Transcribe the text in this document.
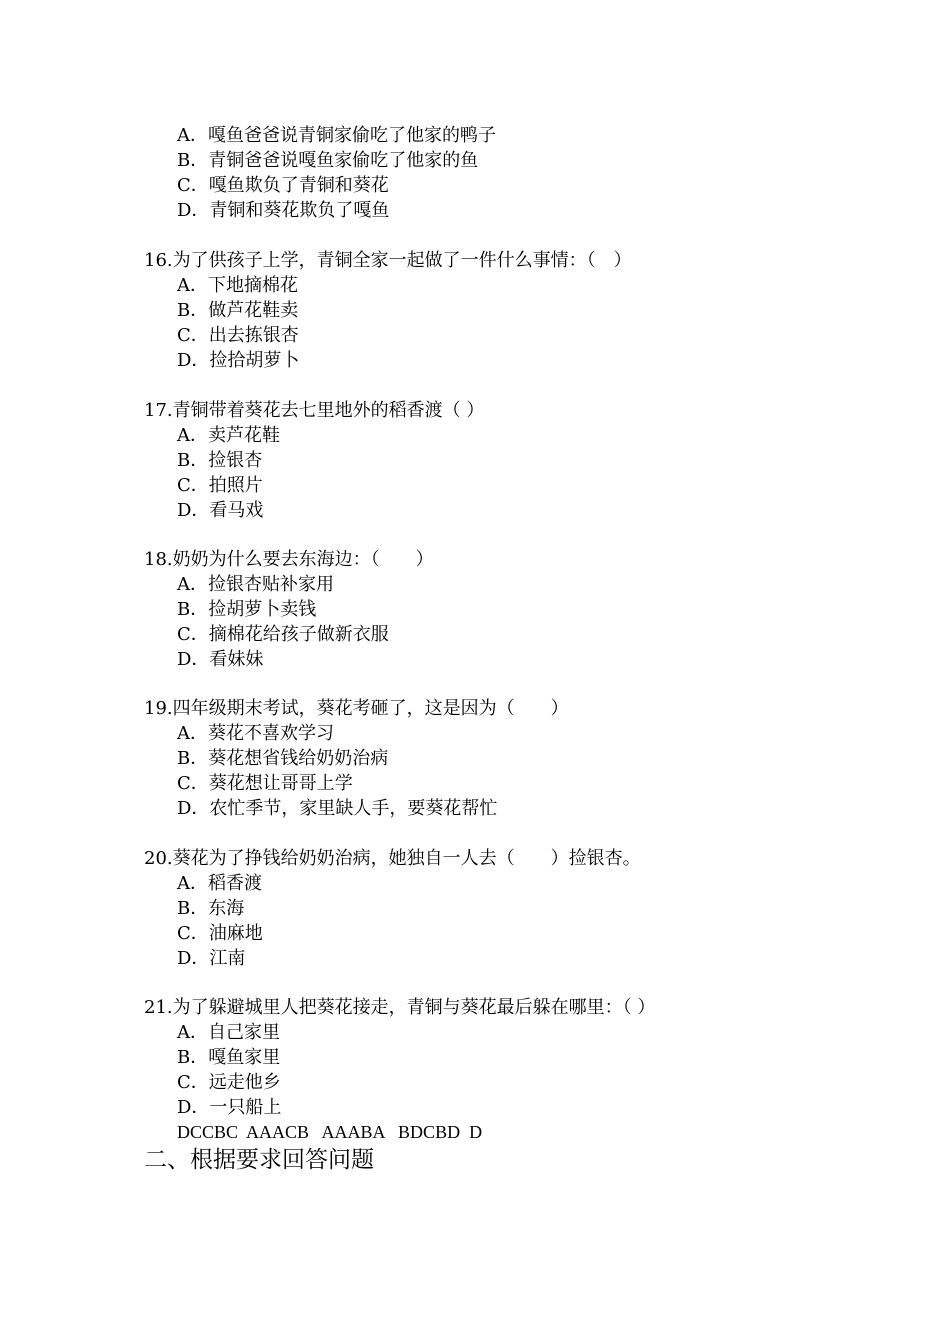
A．嘎鱼爸爸说青铜家偷吃了他家的鸭子
B．青铜爸爸说嘎鱼家偷吃了他家的鱼
C．嘎鱼欺负了青铜和葵花
D．青铜和葵花欺负了嘎鱼
16.为了供孩子上学，青铜全家一起做了一件什么事情：（　）
A．下地摘棉花
B．做芦花鞋卖
C．出去拣银杏
D．捡拾胡萝卜
17.青铜带着葵花去七里地外的稻香渡（ ）
A．卖芦花鞋
B．捡银杏
C．拍照片
D．看马戏
18.奶奶为什么要去东海边：（　　）
A．捡银杏贴补家用
B．捡胡萝卜卖钱
C．摘棉花给孩子做新衣服
D．看妹妹
19.四年级期末考试，葵花考砸了，这是因为（　　）
A．葵花不喜欢学习
B．葵花想省钱给奶奶治病
C．葵花想让哥哥上学
D．农忙季节，家里缺人手，要葵花帮忙
20.葵花为了挣钱给奶奶治病，她独自一人去（　　）捡银杏。
A．稻香渡
B．东海
C．油麻地
D．江南
21.为了躲避城里人把葵花接走，青铜与葵花最后躲在哪里：（ ）
A．自己家里
B．嘎鱼家里
C．远走他乡
D．一只船上
DCCBC  AAACB   AAABA   BDCBD  D
二、根据要求回答问题
